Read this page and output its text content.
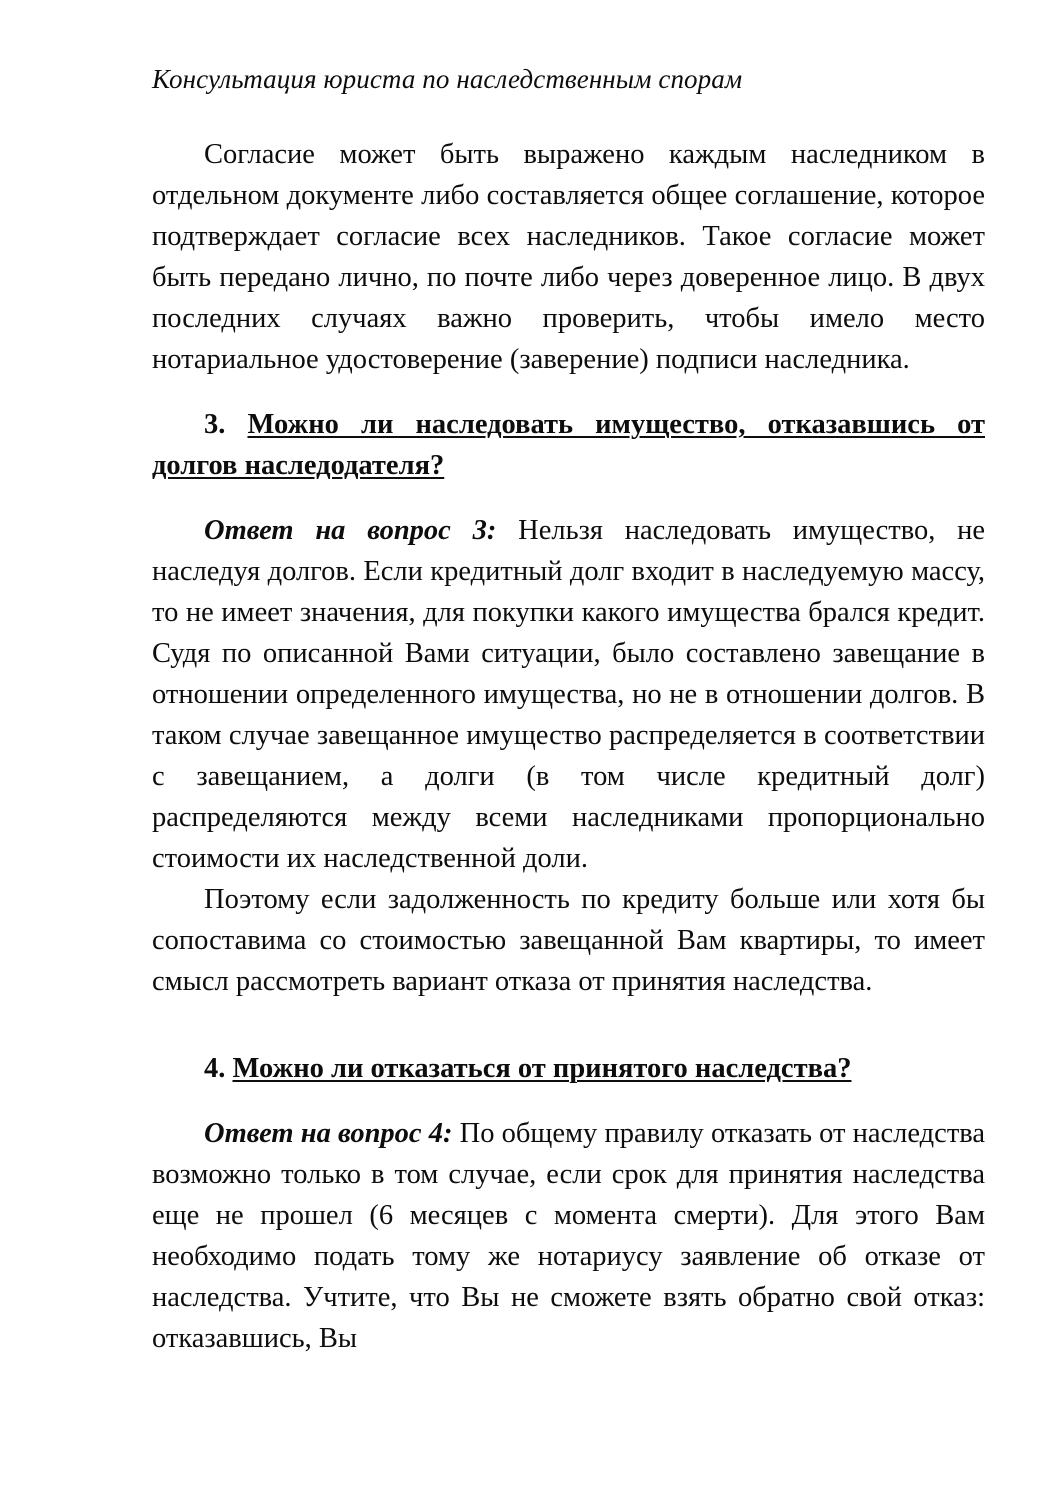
Консультация юриста по наследственным спорам

Согласие может быть выражено каждым наследником в отдельном документе либо составляется общее соглашение, которое подтверждает согласие всех наследников. Такое согласие может быть передано лично, по почте либо через доверенное лицо. В двух последних случаях важно проверить, чтобы имело место нотариальное удостоверение (заверение) подписи наследника.

3. Можно ли наследовать имущество, отказавшись от долгов наследодателя?

Ответ на вопрос 3: Нельзя наследовать имущество, не наследуя долгов. Если кредитный долг входит в наследуемую массу, то не имеет значения, для покупки какого имущества брался кредит. Судя по описанной Вами ситуации, было составлено завещание в отношении определенного имущества, но не в отношении долгов. В таком случае завещанное имущество распределяется в соответствии с завещанием, а долги (в том числе кредитный долг) распределяются между всеми наследниками пропорционально стоимости их наследственной доли.

Поэтому если задолженность по кредиту больше или хотя бы сопоставима со стоимостью завещанной Вам квартиры, то имеет смысл рассмотреть вариант отказа от принятия наследства.

4. Можно ли отказаться от принятого наследства?

Ответ на вопрос 4: По общему правилу отказать от наследства возможно только в том случае, если срок для принятия наследства еще не прошел (6 месяцев с момента смерти). Для этого Вам необходимо подать тому же нотариусу заявление об отказе от наследства. Учтите, что Вы не сможете взять обратно свой отказ: отказавшись, Вы
